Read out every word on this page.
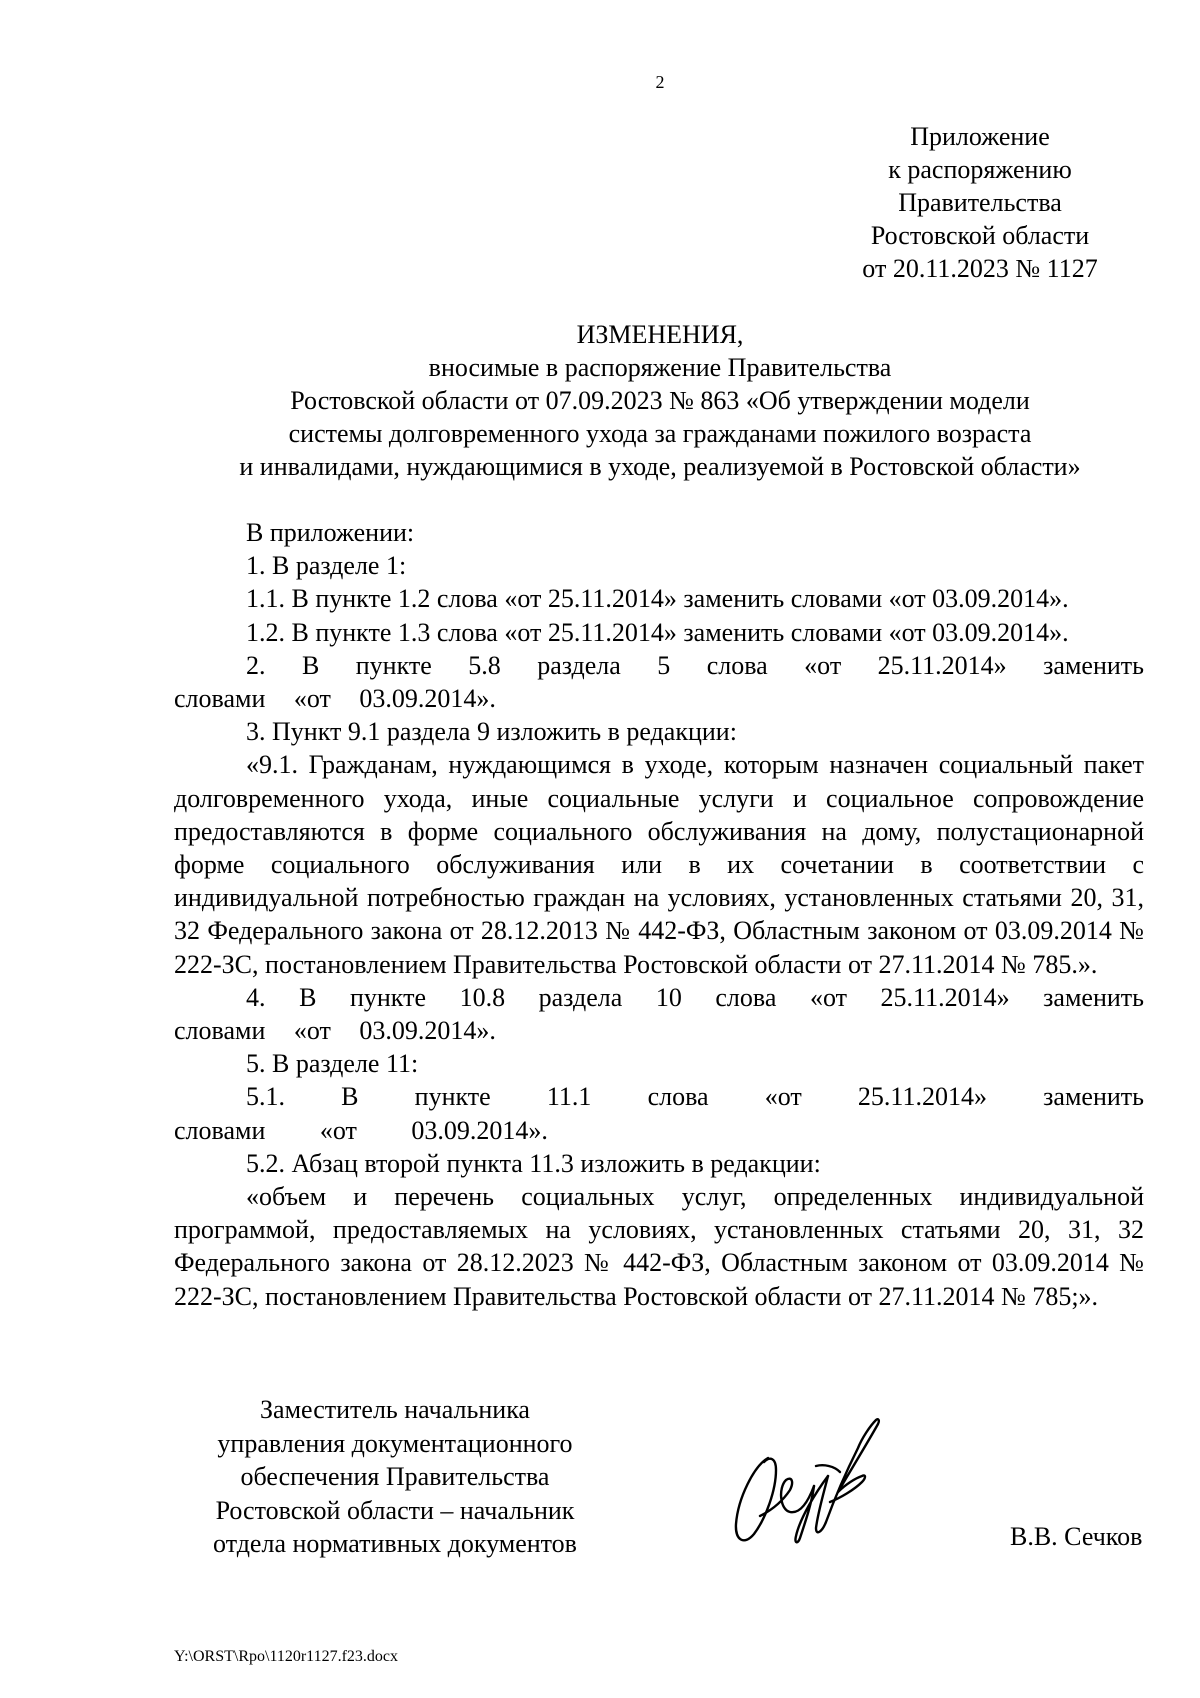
2
Приложение
к распоряжению
Правительства
Ростовской области
от 20.11.2023 № 1127
ИЗМЕНЕНИЯ,
вносимые в распоряжение Правительства
Ростовской области от 07.09.2023 № 863 «Об утверждении модели
системы долговременного ухода за гражданами пожилого возраста
и инвалидами, нуждающимися в уходе, реализуемой в Ростовской области»

В приложении:

1. В разделе 1:

1.1. В пункте 1.2 слова «от 25.11.2014» заменить словами «от 03.09.2014».

1.2. В пункте 1.3 слова «от 25.11.2014» заменить словами «от 03.09.2014».

2. В пункте 5.8 раздела 5 слова «от 25.11.2014» заменить словами «от 03.09.2014».

3. Пункт 9.1 раздела 9 изложить в редакции:

«9.1. Гражданам, нуждающимся в уходе, которым назначен социальный пакет долговременного ухода, иные социальные услуги и социальное сопровождение предоставляются в форме социального обслуживания на дому, полустационарной форме социального обслуживания или в их сочетании в соответствии с индивидуальной потребностью граждан на условиях, установленных статьями 20, 31, 32 Федерального закона от 28.12.2013 № 442-ФЗ, Областным законом от 03.09.2014 № 222-ЗС, постановлением Правительства Ростовской области от 27.11.2014 № 785.».

4. В пункте 10.8 раздела 10 слова «от 25.11.2014» заменить словами «от 03.09.2014».

5. В разделе 11:

5.1. В пункте 11.1 слова «от 25.11.2014» заменить словами «от 03.09.2014».

5.2. Абзац второй пункта 11.3 изложить в редакции:

«объем и перечень социальных услуг, определенных индивидуальной программой, предоставляемых на условиях, установленных статьями 20, 31, 32 Федерального закона от 28.12.2023 № 442-ФЗ, Областным законом от 03.09.2014 № 222-ЗС, постановлением Правительства Ростовской области от 27.11.2014 № 785;».

Заместитель начальника
управления документационного
обеспечения Правительства
Ростовской области – начальник
отдела нормативных документов	В.В. Сечков
Y:\ORST\Rpo\1120r1127.f23.docx
